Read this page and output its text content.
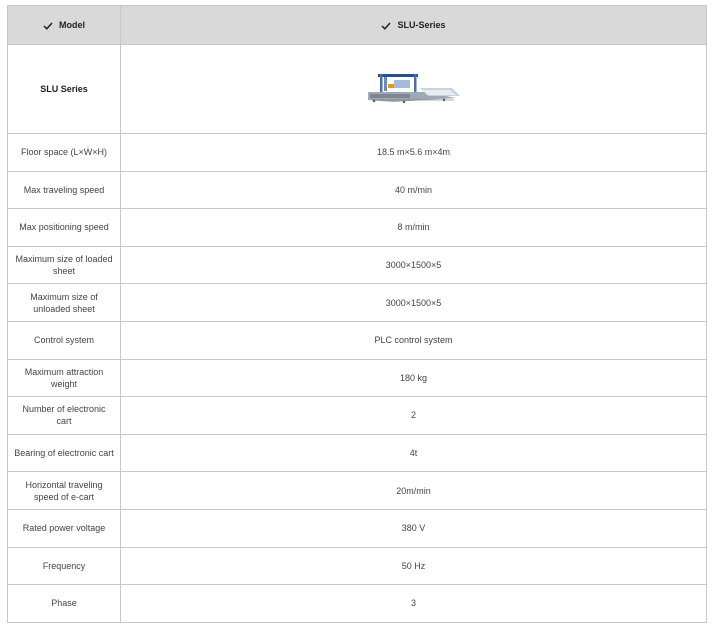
Model	SLU-Series
SLU Series	
Floor space (L×W×H)	18.5 m×5.6 m×4m
Max traveling speed	40 m/min
Max positioning speed	8 m/min
Maximum size of loaded sheet	3000×1500×5
Maximum size of unloaded sheet	3000×1500×5
Control system	PLC control system
Maximum attraction weight	180 kg
Number of electronic cart	2
Bearing of electronic cart	4t
Horizontal traveling speed of e-cart	20m/min
Rated power voltage	380 V
Frequency	50 Hz
Phase	3
